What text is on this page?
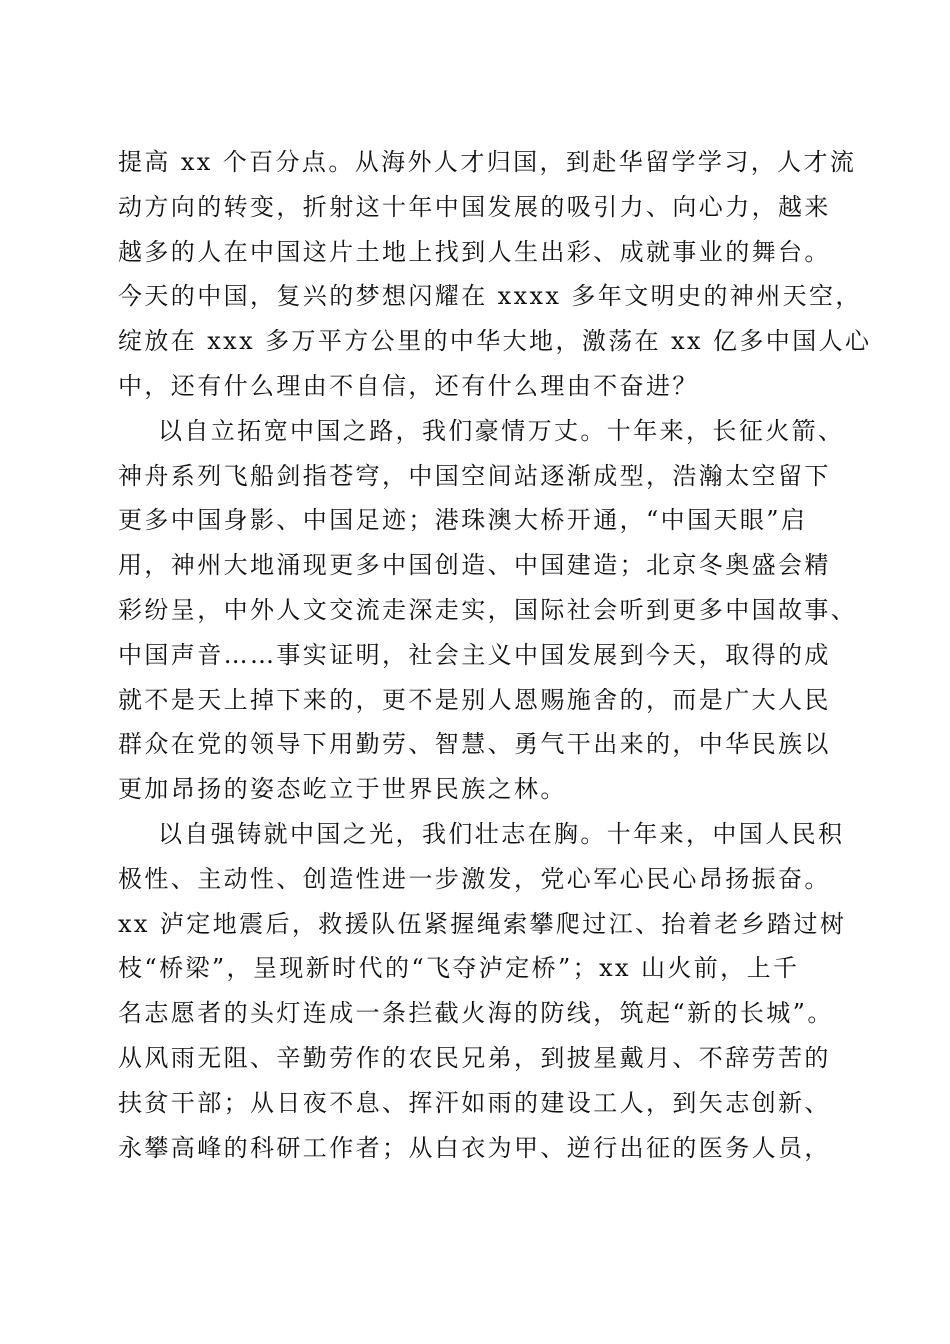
提高 xx 个百分点。从海外人才归国，到赴华留学学习，人才流
动方向的转变，折射这十年中国发展的吸引力、向心力，越来
越多的人在中国这片土地上找到人生出彩、成就事业的舞台。
今天的中国，复兴的梦想闪耀在 xxxx 多年文明史的神州天空，
绽放在 xxx 多万平方公里的中华大地，激荡在 xx 亿多中国人心
中，还有什么理由不自信，还有什么理由不奋进？
以自立拓宽中国之路，我们豪情万丈。十年来，长征火箭、
神舟系列飞船剑指苍穹，中国空间站逐渐成型，浩瀚太空留下
更多中国身影、中国足迹；港珠澳大桥开通，“中国天眼”启
用，神州大地涌现更多中国创造、中国建造；北京冬奥盛会精
彩纷呈，中外人文交流走深走实，国际社会听到更多中国故事、
中国声音……事实证明，社会主义中国发展到今天，取得的成
就不是天上掉下来的，更不是别人恩赐施舍的，而是广大人民
群众在党的领导下用勤劳、智慧、勇气干出来的，中华民族以
更加昂扬的姿态屹立于世界民族之林。
以自强铸就中国之光，我们壮志在胸。十年来，中国人民积
极性、主动性、创造性进一步激发，党心军心民心昂扬振奋。
xx 泸定地震后，救援队伍紧握绳索攀爬过江、抬着老乡踏过树
枝“桥梁”，呈现新时代的“飞夺泸定桥”；xx 山火前，上千
名志愿者的头灯连成一条拦截火海的防线，筑起“新的长城”。
从风雨无阻、辛勤劳作的农民兄弟，到披星戴月、不辞劳苦的
扶贫干部；从日夜不息、挥汗如雨的建设工人，到矢志创新、
永攀高峰的科研工作者；从白衣为甲、逆行出征的医务人员，
